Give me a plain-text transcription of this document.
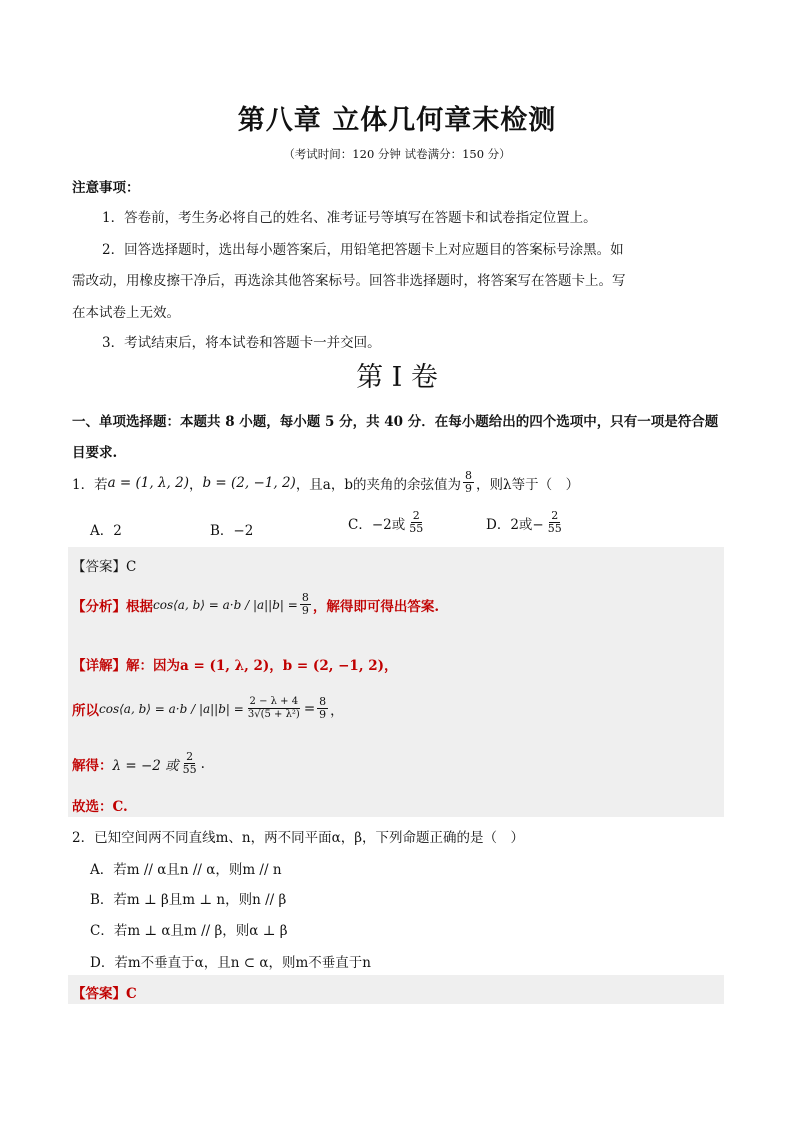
第八章 立体几何章末检测
（考试时间：120 分钟 试卷满分：150 分）
注意事项：
1．答卷前，考生务必将自己的姓名、准考证号等填写在答题卡和试卷指定位置上。
2．回答选择题时，选出每小题答案后，用铅笔把答题卡上对应题目的答案标号涂黑。如
需改动，用橡皮擦干净后，再选涂其他答案标号。回答非选择题时，将答案写在答题卡上。写
在本试卷上无效。
3．考试结束后，将本试卷和答题卡一并交回。
第 I 卷
一、单项选择题：本题共 8 小题，每小题 5 分，共 40 分．在每小题给出的四个选项中，只有一项是符合题
目要求.
1．若 a = (1, λ, 2) ， b = (2, −1, 2) ，且a，b的夹角的余弦值为 $\frac{8}{9}$ ，则λ等于（　）
A．2	B．−2	C．−2或 $\frac{2}{55}$	D．2或− $\frac{2}{55}$
【答案】C
【分析】根据 cos⟨a, b⟩ = $a\cdot b / |a||b| = \frac{8}{9}$ ，解得即可得出答案.
【详解】 解：因为a = (1, λ, 2)，b = (2, −1, 2)，
所以 cos⟨a, b⟩ = $a\cdot b / |a||b| = \frac{2 - \lambda + 4}{\text{3√(5 + λ²)}} = \frac{8}{9}$ ，
解得： λ = −2 或 $\frac{2}{55}$ .
故选：C.
2．已知空间两不同直线m、n，两不同平面α，β，下列命题正确的是（　）
A．若m // α且n // α，则m // n
B．若m ⊥ β且m ⊥ n，则n // β
C．若m ⊥ α且m // β，则α ⊥ β
D．若m不垂直于α，且n ⊂ α，则m不垂直于n
【答案】C
